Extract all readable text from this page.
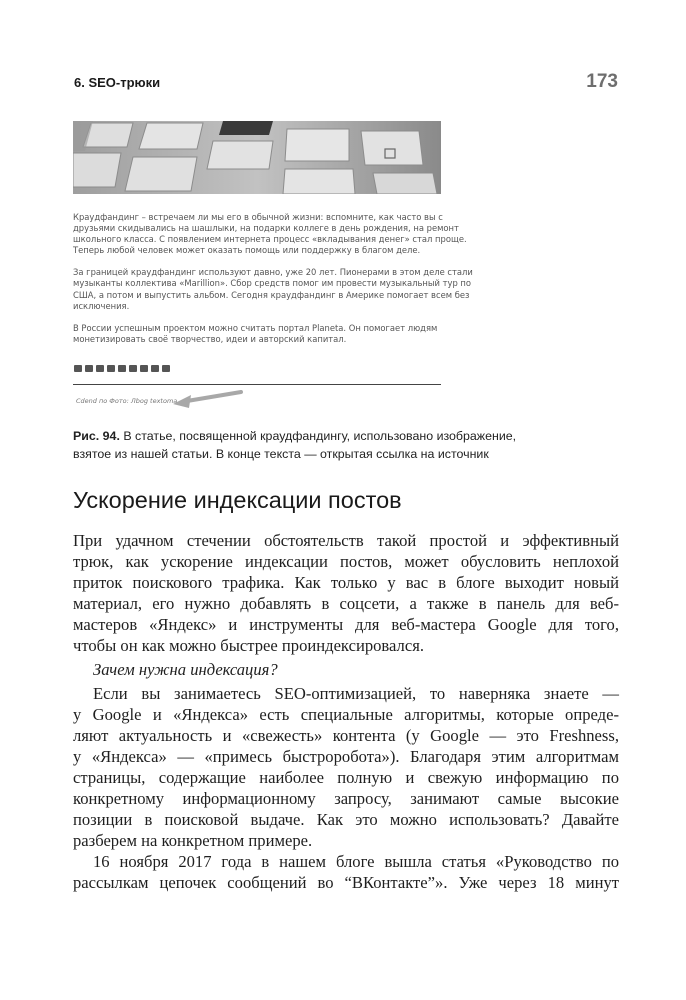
6. SEO-трюки	173

Краудфандинг – встречаем ли мы его в обычной жизни: вспомните, как часто вы с
друзьями скидывались на шашлыки, на подарки коллеге в день рождения, на ремонт
школьного класса. С появлением интернета процесс «вкладывания денег» стал проще.
Теперь любой человек может оказать помощь или поддержку в благом деле.

За границей краудфандинг используют давно, уже 20 лет. Пионерами в этом деле стали
музыканты коллектива «Marillion». Сбор средств помог им провести музыкальный тур по
США, а потом и выпустить альбом. Сегодня краудфандинг в Америке помогает всем без
исключения.

В России успешным проектом можно считать портал Planeta. Он помогает людям
монетизировать своё творчество, идеи и авторский капитал.

Cdend по Фото: Лbog textoma
Рис. 94. В статье, посвященной краудфандингу, использовано изображение, взятое из нашей статьи. В конце текста — открытая ссылка на источник
Ускорение индексации постов

При удачном стечении обстоятельств такой простой и эффективный
трюк, как ускорение индексации постов, может обусловить неплохой
приток поискового трафика. Как только у вас в блоге выходит новый
материал, его нужно добавлять в соцсети, а также в панель для веб-
мастеров «Яндекс» и инструменты для веб-мастера Google для того,
чтобы он как можно быстрее проиндексировался.

Зачем нужна индексация?

Если вы занимаетесь SEO-оптимизацией, то наверняка знаете —
у Google и «Яндекса» есть специальные алгоритмы, которые опреде-
ляют актуальность и «свежесть» контента (у Google — это Freshness,
у «Яндекса» — «примесь быстроробота»). Благодаря этим алгоритмам
страницы, содержащие наиболее полную и свежую информацию по
конкретному информационному запросу, занимают самые высокие
позиции в поисковой выдаче. Как это можно использовать? Давайте
разберем на конкретном примере.

16 ноября 2017 года в нашем блоге вышла статья «Руководство по
рассылкам цепочек сообщений во “ВКонтакте”». Уже через 18 минут
